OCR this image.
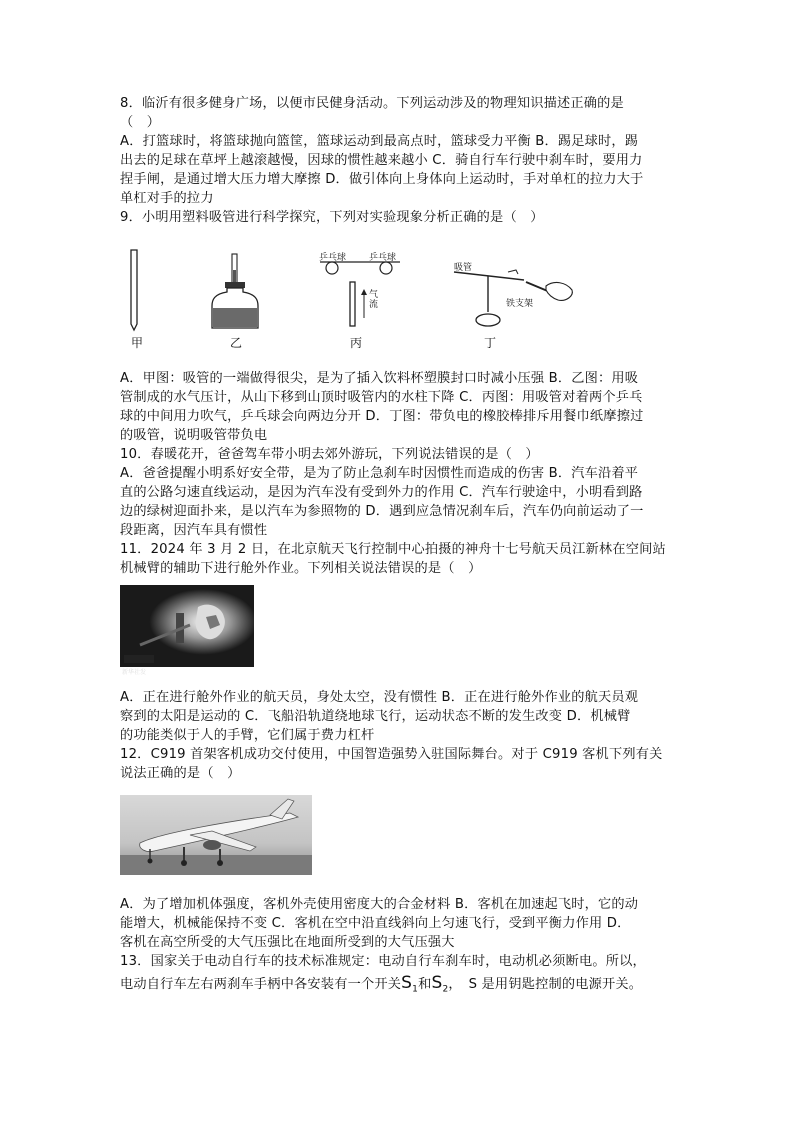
8．临沂有很多健身广场，以便市民健身活动。下列运动涉及的物理知识描述正确的是
（　）
A．打篮球时，将篮球抛向篮筐，篮球运动到最高点时，篮球受力平衡 B．踢足球时，踢
出去的足球在草坪上越滚越慢，因球的惯性越来越小 C．骑自行车行驶中刹车时，要用力
捏手闸，是通过增大压力增大摩擦 D．做引体向上身体向上运动时，手对单杠的拉力大于
单杠对手的拉力
9．小明用塑料吸管进行科学探究，下列对实验现象分析正确的是（　）
甲	乙
乒乓球	乒乓球
气流
丙
吸管
铁支架
丁
A．甲图：吸管的一端做得很尖，是为了插入饮料杯塑膜封口时减小压强 B．乙图：用吸
管制成的水气压计，从山下移到山顶时吸管内的水柱下降 C．丙图：用吸管对着两个乒乓
球的中间用力吹气，乒乓球会向两边分开 D．丁图：带负电的橡胶棒排斥用餐巾纸摩擦过
的吸管，说明吸管带负电
10．春暖花开，爸爸驾车带小明去郊外游玩，下列说法错误的是（　）
A．爸爸提醒小明系好安全带，是为了防止急刹车时因惯性而造成的伤害 B．汽车沿着平
直的公路匀速直线运动，是因为汽车没有受到外力的作用 C．汽车行驶途中，小明看到路
边的绿树迎面扑来，是以汽车为参照物的 D．遇到应急情况刹车后，汽车仍向前运动了一
段距离，因汽车具有惯性
11．2024 年 3 月 2 日，在北京航天飞行控制中心拍摄的神舟十七号航天员江新林在空间站
机械臂的辅助下进行舱外作业。下列相关说法错误的是（　）
新华社发
A．正在进行舱外作业的航天员，身处太空，没有惯性 B．正在进行舱外作业的航天员观
察到的太阳是运动的 C．飞船沿轨道绕地球飞行，运动状态不断的发生改变 D．机械臂
的功能类似于人的手臂，它们属于费力杠杆
12．C919 首架客机成功交付使用，中国智造强势入驻国际舞台。对于 C919 客机下列有关
说法正确的是（　）
A．为了增加机体强度，客机外壳使用密度大的合金材料 B．客机在加速起飞时，它的动
能增大，机械能保持不变 C．客机在空中沿直线斜向上匀速飞行，受到平衡力作用 D．
客机在高空所受的大气压强比在地面所受到的大气压强大
13．国家关于电动自行车的技术标准规定：电动自行车刹车时，电动机必须断电。所以，
电动自行车左右两刹车手柄中各安装有一个开关$S_1$和$S_2$，　S 是用钥匙控制的电源开关。
